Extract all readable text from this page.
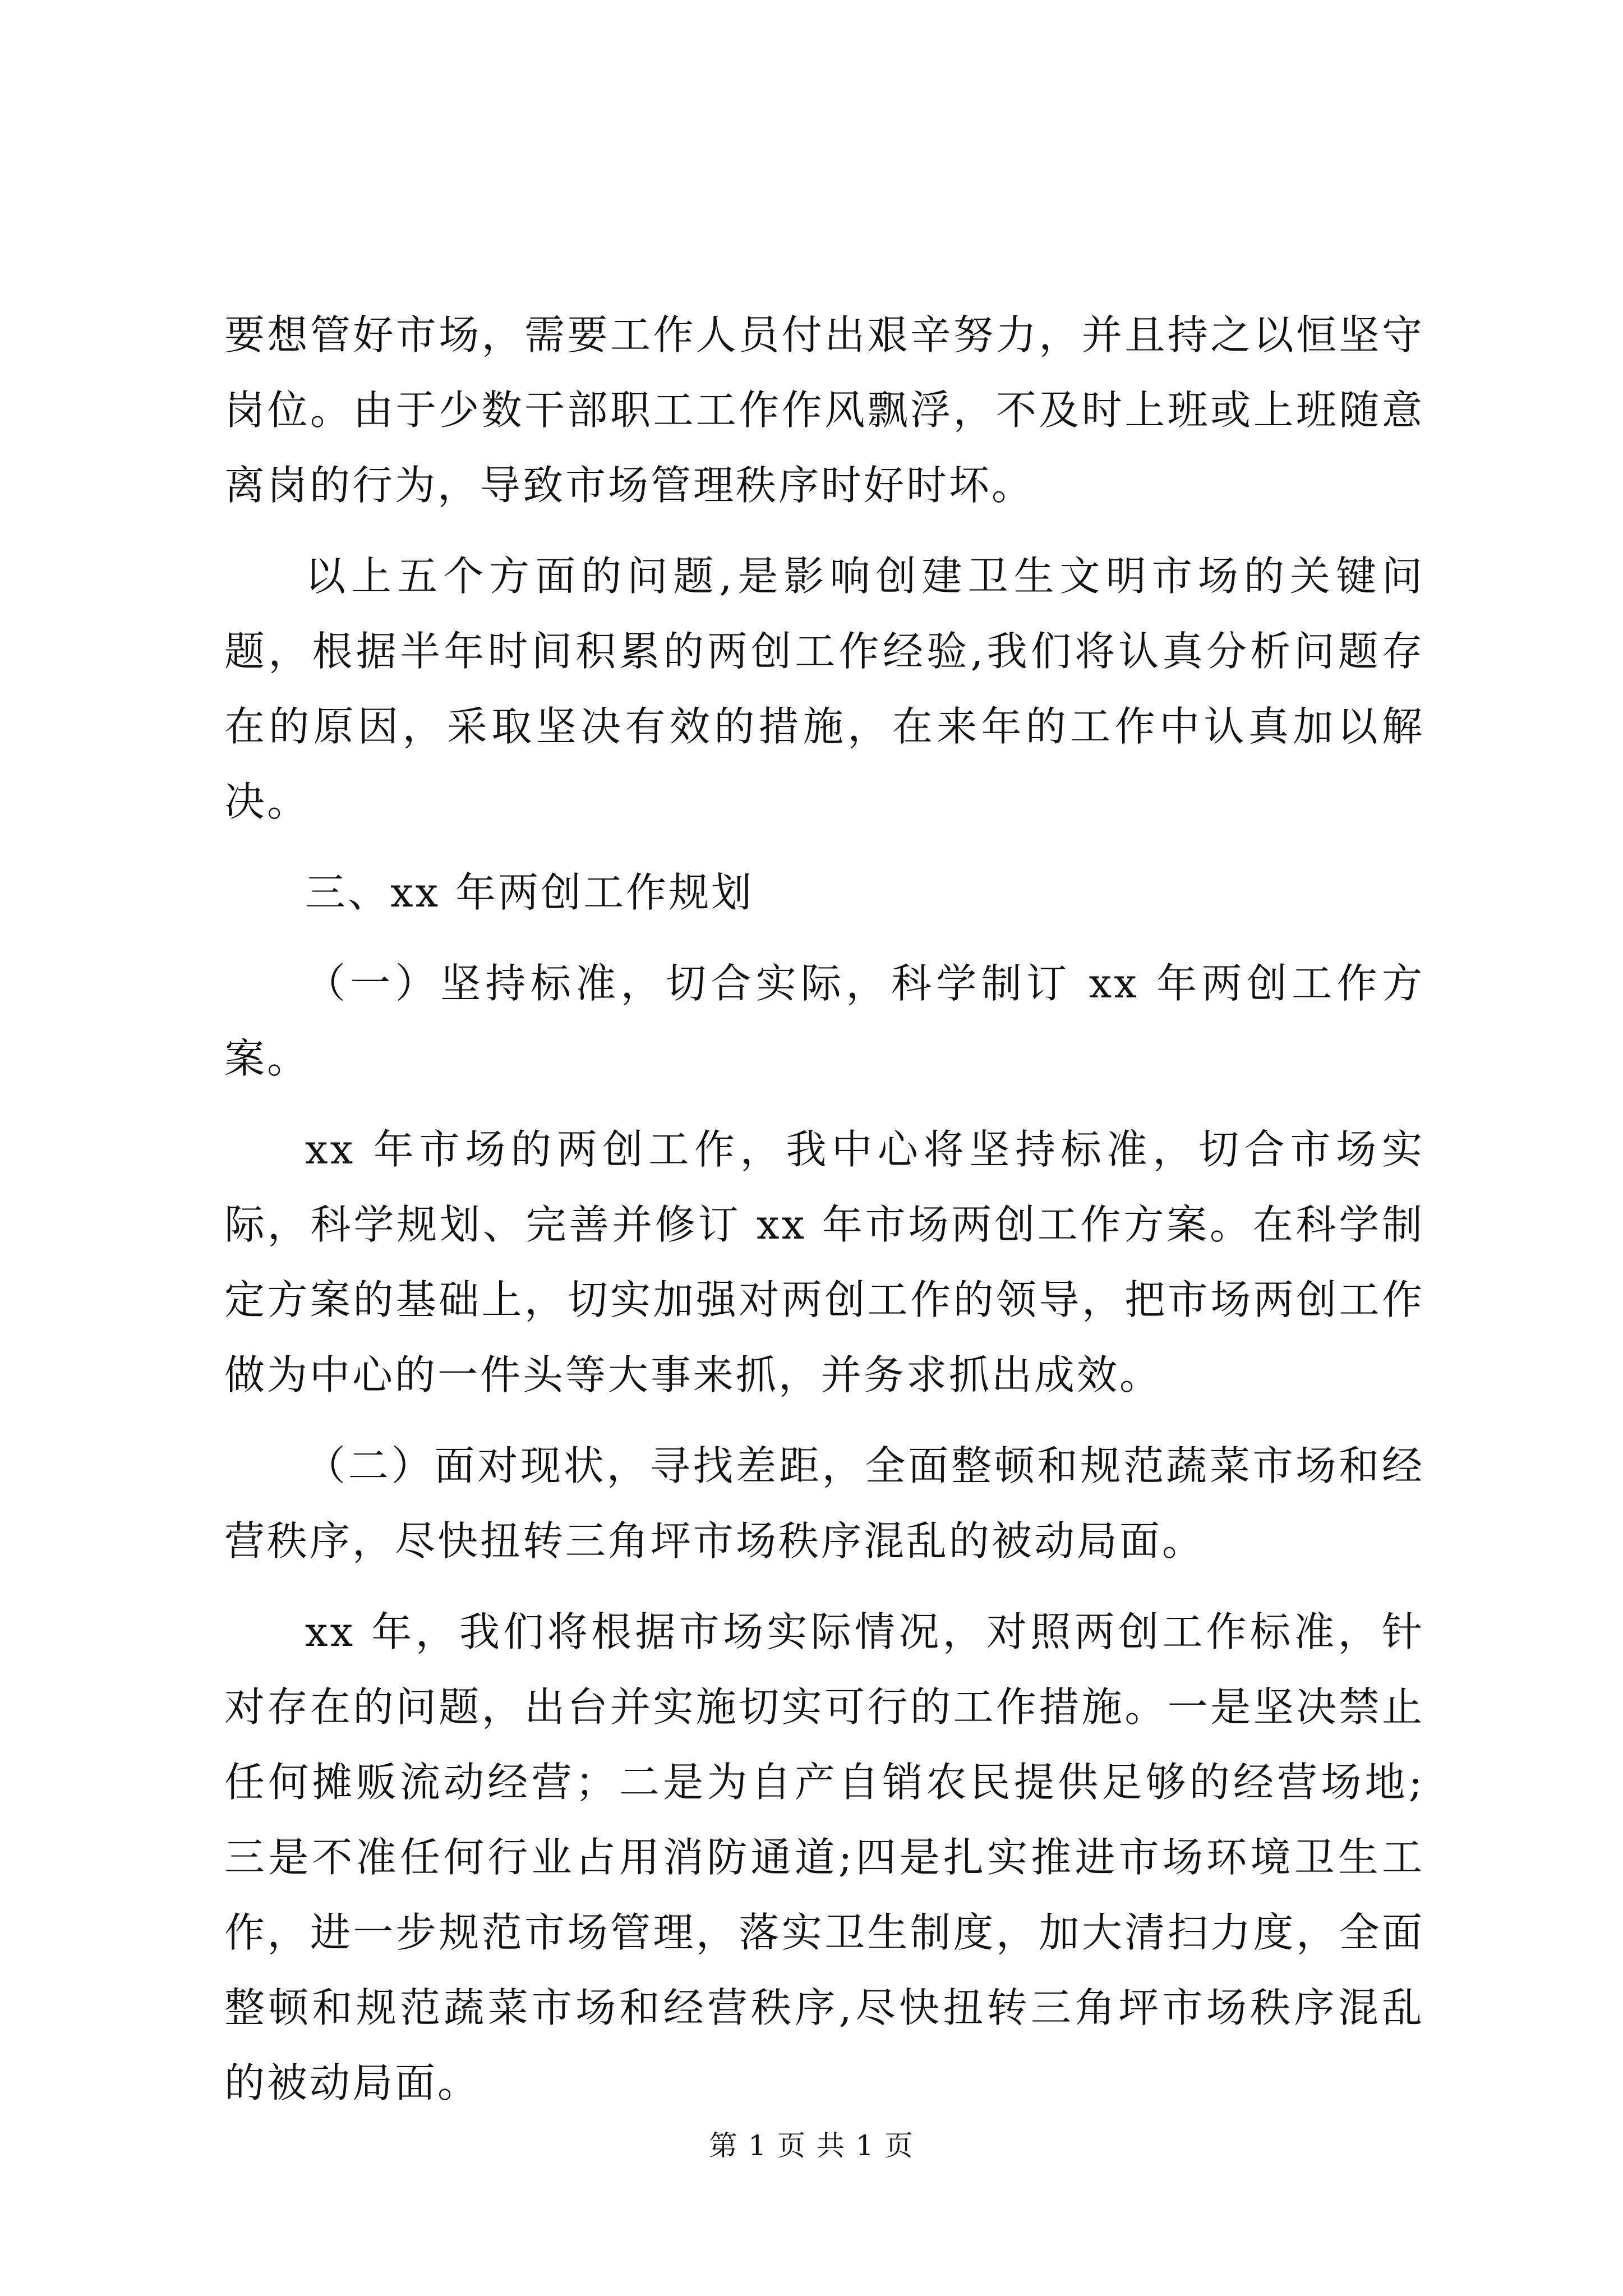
要想管好市场，需要工作人员付出艰辛努力，并且持之以恒坚守岗位。由于少数干部职工工作作风飘浮，不及时上班或上班随意离岗的行为，导致市场管理秩序时好时坏。

以上五个方面的问题,是影响创建卫生文明市场的关键问题，根据半年时间积累的两创工作经验,我们将认真分析问题存在的原因，采取坚决有效的措施，在来年的工作中认真加以解决。

三、xx 年两创工作规划

（一）坚持标准，切合实际，科学制订 xx 年两创工作方案。

xx 年市场的两创工作，我中心将坚持标准，切合市场实际，科学规划、完善并修订 xx 年市场两创工作方案。在科学制定方案的基础上，切实加强对两创工作的领导，把市场两创工作做为中心的一件头等大事来抓，并务求抓出成效。

（二）面对现状，寻找差距，全面整顿和规范蔬菜市场和经营秩序，尽快扭转三角坪市场秩序混乱的被动局面。

xx 年，我们将根据市场实际情况，对照两创工作标准，针对存在的问题，出台并实施切实可行的工作措施。一是坚决禁止任何摊贩流动经营；二是为自产自销农民提供足够的经营场地;三是不准任何行业占用消防通道;四是扎实推进市场环境卫生工作，进一步规范市场管理，落实卫生制度，加大清扫力度，全面整顿和规范蔬菜市场和经营秩序,尽快扭转三角坪市场秩序混乱的被动局面。

第 1 页 共 1 页
